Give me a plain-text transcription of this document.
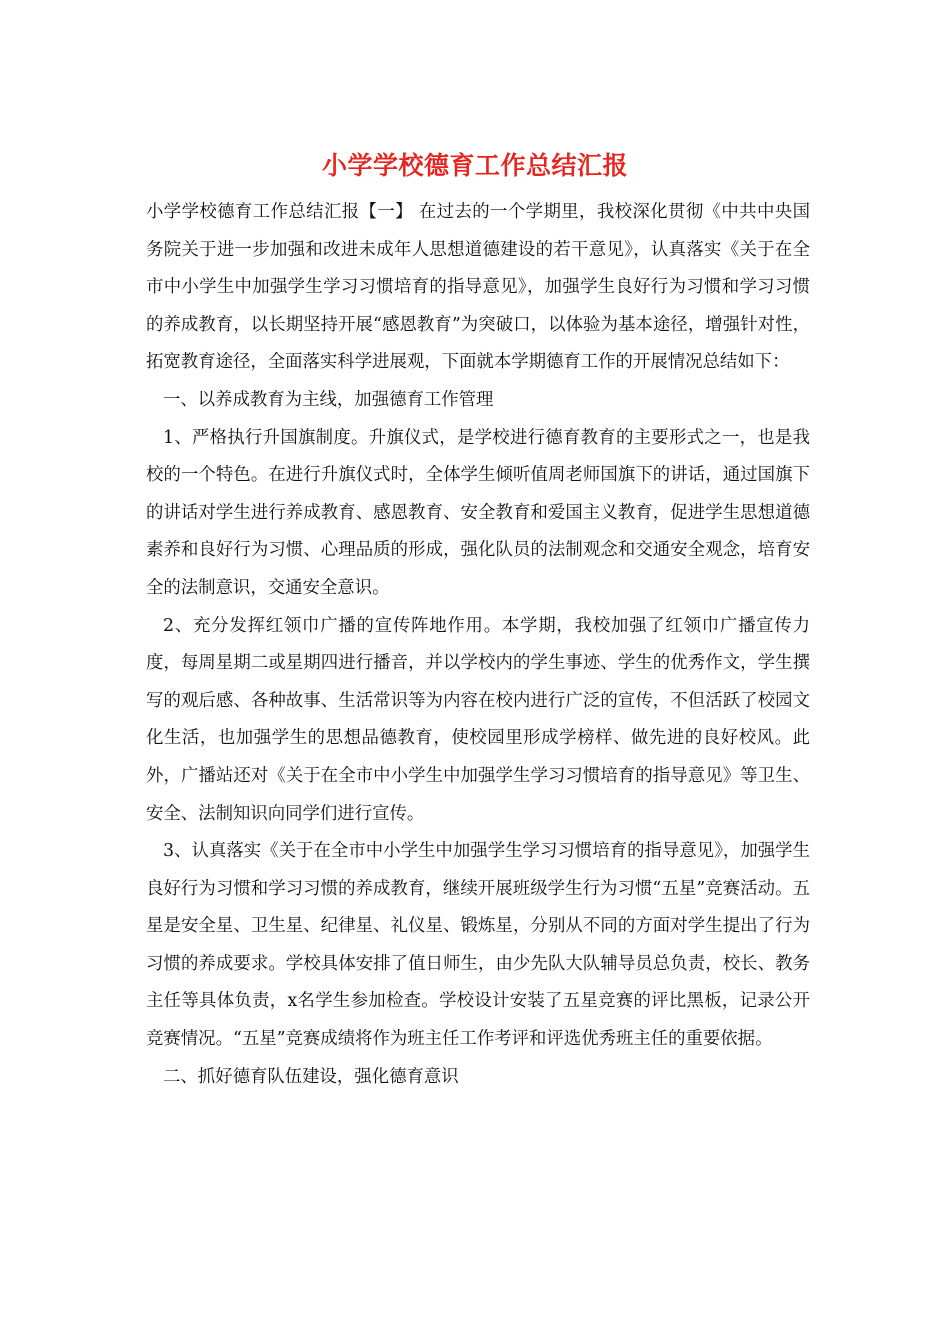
小学学校德育工作总结汇报

小学学校德育工作总结汇报【一】 在过去的一个学期里，我校深化贯彻《中共中央国务院关于进一步加强和改进未成年人思想道德建设的若干意见》，认真落实《关于在全市中小学生中加强学生学习习惯培育的指导意见》，加强学生良好行为习惯和学习习惯的养成教育，以长期坚持开展“感恩教育”为突破口，以体验为基本途径，增强针对性，拓宽教育途径，全面落实科学进展观，下面就本学期德育工作的开展情况总结如下：

一、以养成教育为主线，加强德育工作管理

1、严格执行升国旗制度。升旗仪式，是学校进行德育教育的主要形式之一，也是我校的一个特色。在进行升旗仪式时，全体学生倾听值周老师国旗下的讲话，通过国旗下的讲话对学生进行养成教育、感恩教育、安全教育和爱国主义教育，促进学生思想道德素养和良好行为习惯、心理品质的形成，强化队员的法制观念和交通安全观念，培育安全的法制意识，交通安全意识。

2、充分发挥红领巾广播的宣传阵地作用。本学期，我校加强了红领巾广播宣传力度，每周星期二或星期四进行播音，并以学校内的学生事迹、学生的优秀作文，学生撰写的观后感、各种故事、生活常识等为内容在校内进行广泛的宣传，不但活跃了校园文化生活，也加强学生的思想品德教育，使校园里形成学榜样、做先进的良好校风。此外，广播站还对《关于在全市中小学生中加强学生学习习惯培育的指导意见》等卫生、安全、法制知识向同学们进行宣传。

3、认真落实《关于在全市中小学生中加强学生学习习惯培育的指导意见》，加强学生良好行为习惯和学习习惯的养成教育，继续开展班级学生行为习惯“五星”竞赛活动。五星是安全星、卫生星、纪律星、礼仪星、锻炼星，分别从不同的方面对学生提出了行为习惯的养成要求。学校具体安排了值日师生，由少先队大队辅导员总负责，校长、教务主任等具体负责，x名学生参加检查。学校设计安装了五星竞赛的评比黑板，记录公开竞赛情况。“五星”竞赛成绩将作为班主任工作考评和评选优秀班主任的重要依据。

二、抓好德育队伍建设，强化德育意识
